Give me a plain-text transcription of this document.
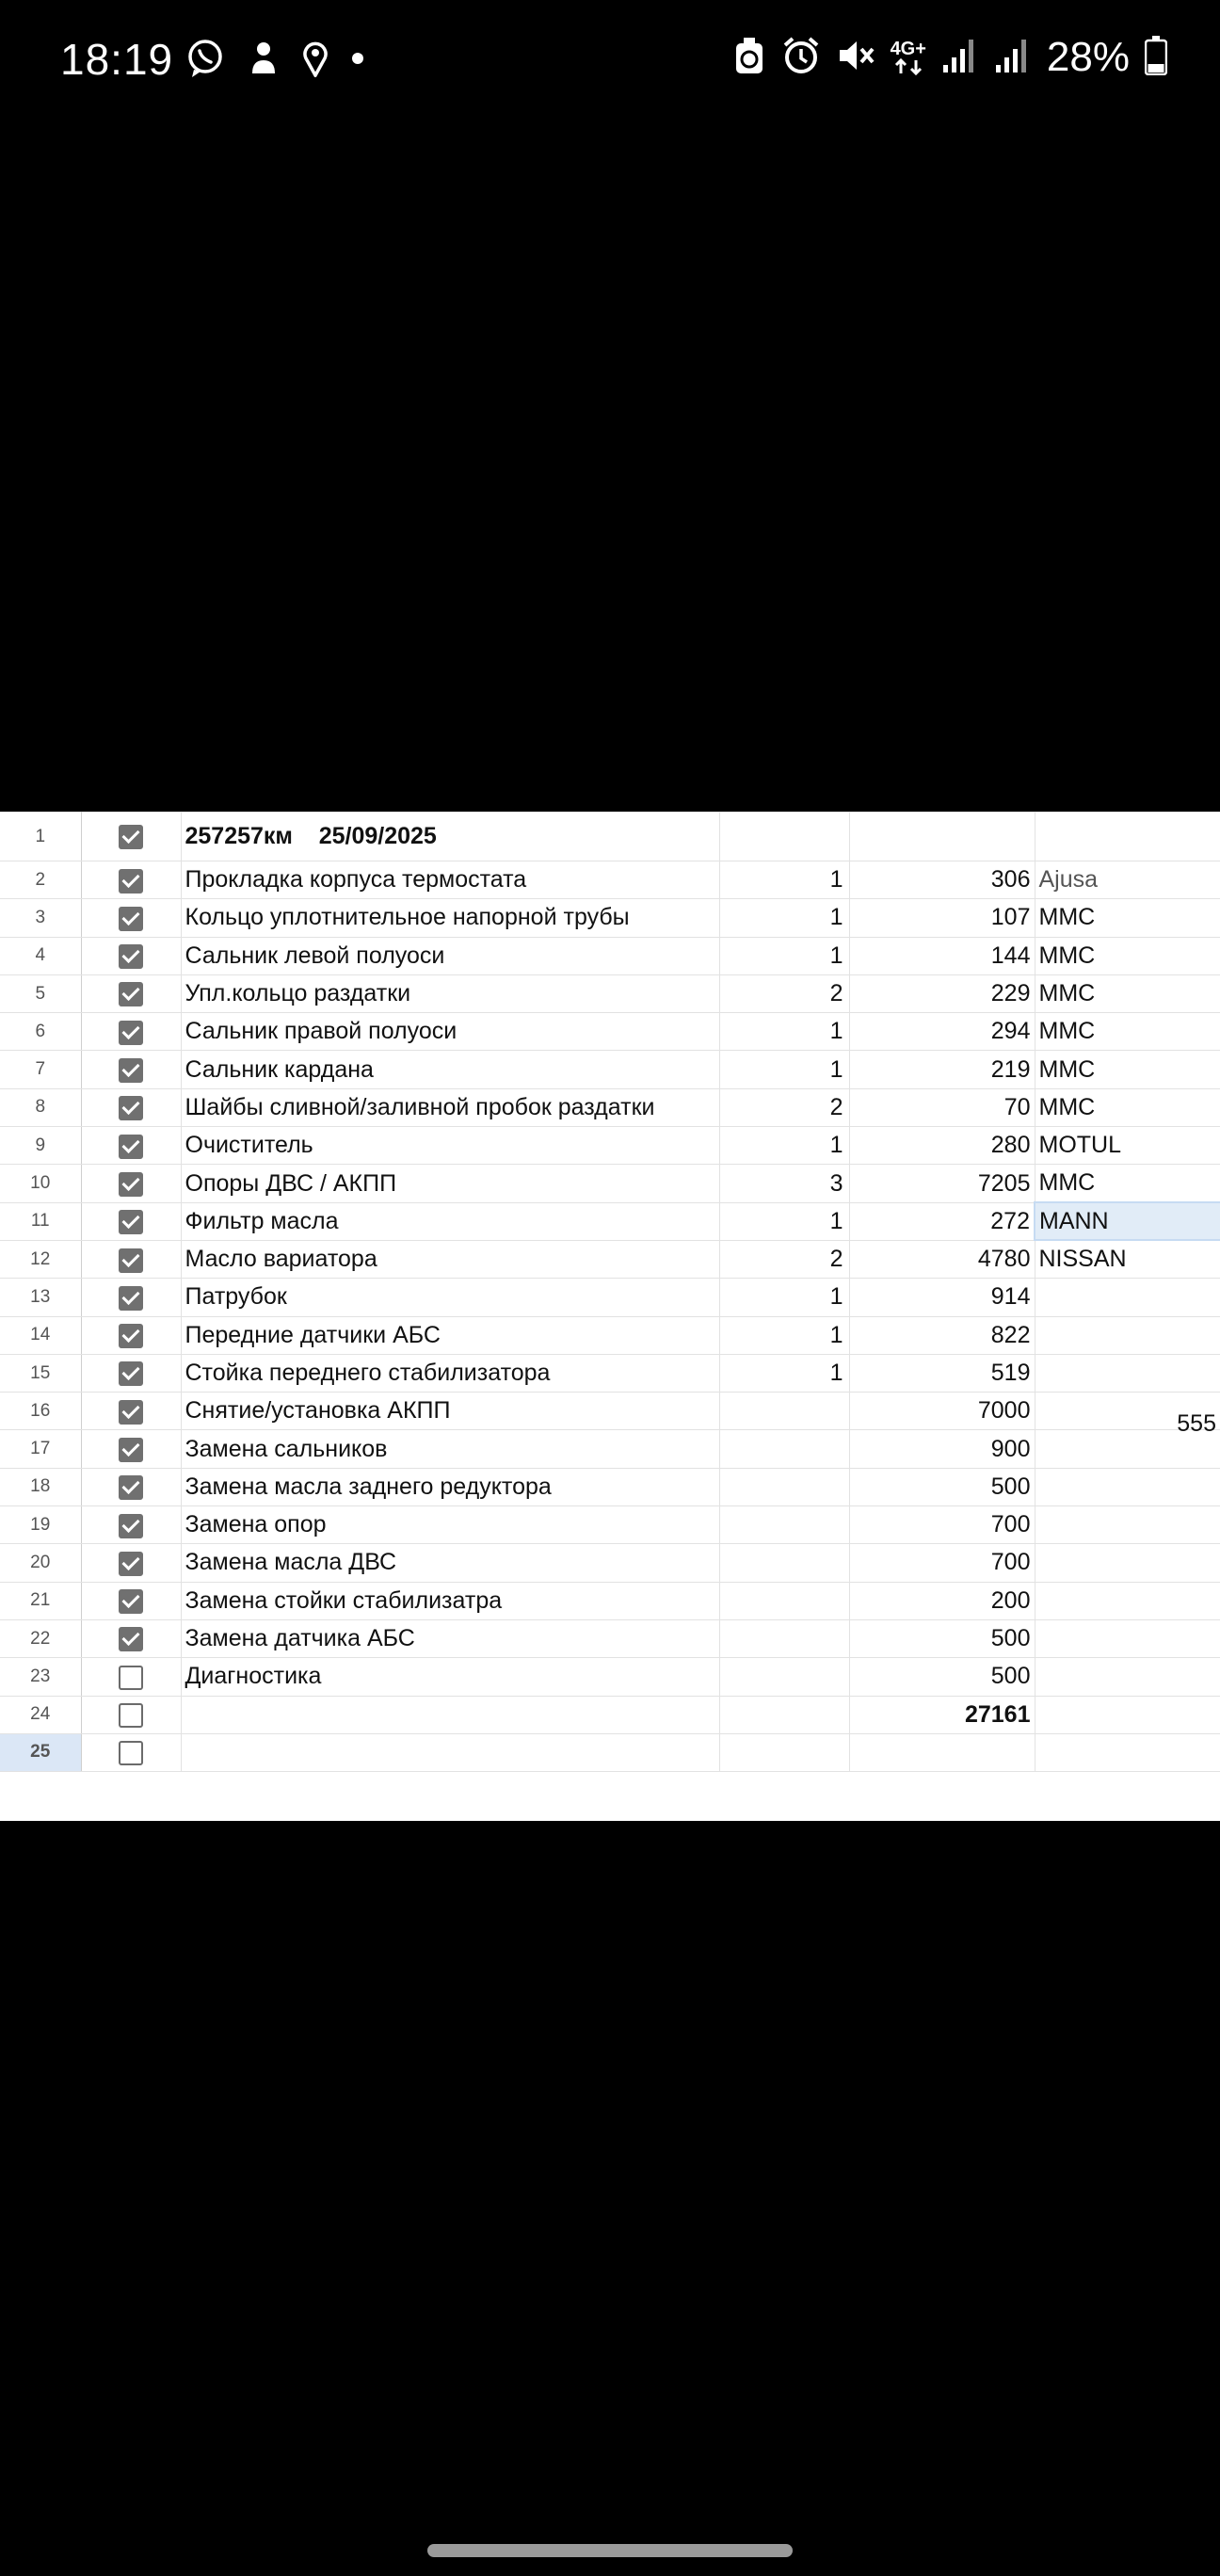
18:19	4G+	28%
1		257257км    25/09/2025			
2		Прокладка корпуса термостата	1	306	Ajusa
3		Кольцо уплотнительное напорной трубы	1	107	MMC
4		Сальник левой полуоси	1	144	MMC
5		Упл.кольцо раздатки	2	229	MMC
6		Сальник правой полуоси	1	294	MMC
7		Сальник кардана	1	219	MMC
8		Шайбы сливной/заливной пробок раздатки	2	70	MMC
9		Очиститель	1	280	MOTUL
10		Опоры ДВС / АКПП	3	7205	MMC
11		Фильтр масла	1	272	MANN
12		Масло вариатора	2	4780	NISSAN
13		Патрубок	1	914	
14		Передние датчики АБС	1	822	
15		Стойка переднего стабилизатора	1	519	
16		Снятие/установка АКПП		7000	
17		Замена сальников		900	
18		Замена масла заднего редуктора		500	
19		Замена опор		700	
20		Замена масла ДВС		700	
21		Замена стойки стабилизатра		200	
22		Замена датчика АБС		500	
23		Диагностика		500	
24				27161	
25					
555
